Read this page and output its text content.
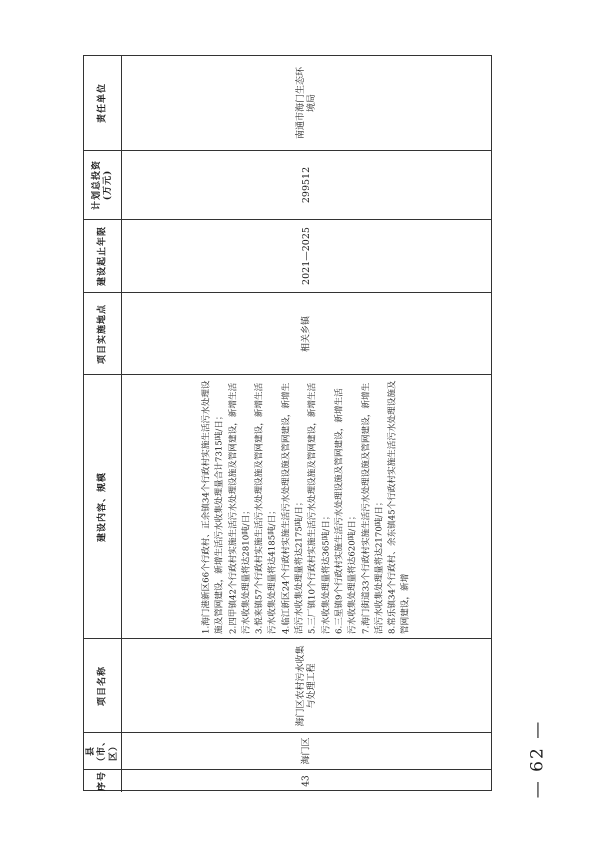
责任单位	南通市海门生态环境局
计划总投资(万元)	299512
建设起止年限	2021—2025
项目实施地点	相关乡镇
建设内容、规模	1.海门港新区66个行政村、正余镇34个行政村实施生活污水处理设施及管网建设，新增生活污水收集处理量合计7315吨/日； 2.四甲镇42个行政村实施生活污水处理设施及管网建设，新增生活污水收集处理量将达2810吨/日； 3.悦来镇57个行政村实施生活污水处理设施及管网建设，新增生活污水收集处理量将达4185吨/日； 4.临江新区24个行政村实施生活污水处理设施及管网建设，新增生活污水收集处理量将达2175吨/日； 5.三厂镇10个行政村实施生活污水处理设施及管网建设，新增生活污水收集处理量将达365吨/日； 6.三星镇9个行政村实施生活污水处理设施及管网建设，新增生活污水收集处理量将达620吨/日； 7.海门街道33个行政村实施生活污水处理设施及管网建设，新增生活污水收集处理量将达2170吨/日； 8.常乐镇34个行政村、余东镇45个行政村实施生活污水处理设施及管网建设，新增
项目名称	海门区农村污水收集与处理工程
县（市、区）	海门区
序号	43	— 62 —
